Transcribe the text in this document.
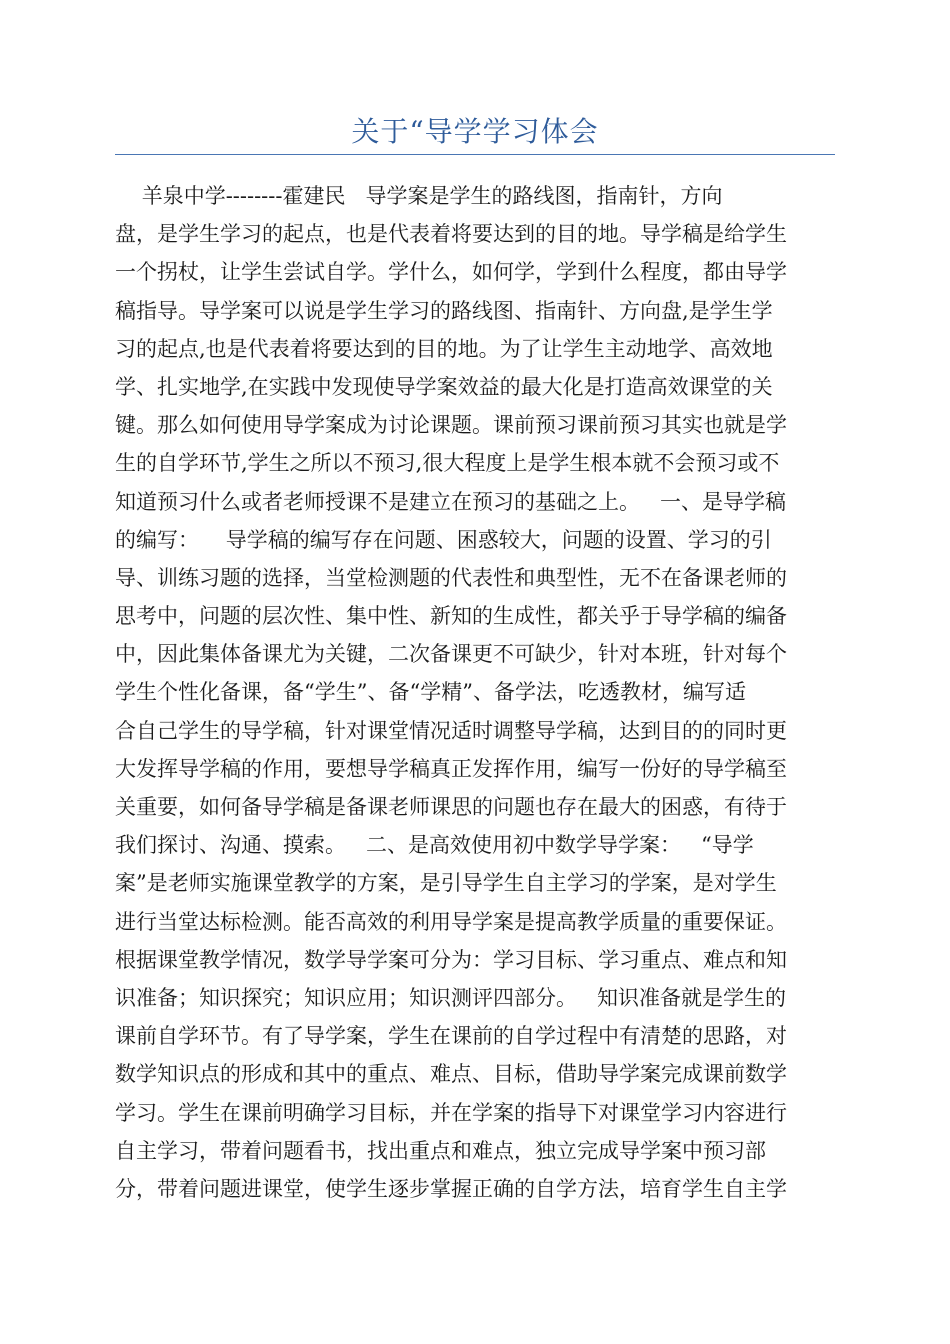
关于“导学学习体会
羊泉中学--------霍建民   导学案是学生的路线图，指南针，方向
盘，是学生学习的起点，也是代表着将要达到的目的地。导学稿是给学生
一个拐杖，让学生尝试自学。学什么，如何学，学到什么程度，都由导学
稿指导。导学案可以说是学生学习的路线图、指南针、方向盘,是学生学
习的起点,也是代表着将要达到的目的地。为了让学生主动地学、高效地
学、扎实地学,在实践中发现使导学案效益的最大化是打造高效课堂的关
键。那么如何使用导学案成为讨论课题。课前预习课前预习其实也就是学
生的自学环节,学生之所以不预习,很大程度上是学生根本就不会预习或不
知道预习什么或者老师授课不是建立在预习的基础之上。   一、是导学稿
的编写：    导学稿的编写存在问题、困惑较大，问题的设置、学习的引
导、训练习题的选择，当堂检测题的代表性和典型性，无不在备课老师的
思考中，问题的层次性、集中性、新知的生成性，都关乎于导学稿的编备
中，因此集体备课尤为关键，二次备课更不可缺少，针对本班，针对每个
学生个性化备课，备“学生”、备“学精”、备学法，吃透教材，编写适
合自己学生的导学稿，针对课堂情况适时调整导学稿，达到目的的同时更
大发挥导学稿的作用，要想导学稿真正发挥作用，编写一份好的导学稿至
关重要，如何备导学稿是备课老师课思的问题也存在最大的困惑，有待于
我们探讨、沟通、摸索。   二、是高效使用初中数学导学案：   “导学
案”是老师实施课堂教学的方案，是引导学生自主学习的学案，是对学生
进行当堂达标检测。能否高效的利用导学案是提高教学质量的重要保证。
根据课堂教学情况，数学导学案可分为：学习目标、学习重点、难点和知
识准备；知识探究；知识应用；知识测评四部分。   知识准备就是学生的
课前自学环节。有了导学案，学生在课前的自学过程中有清楚的思路，对
数学知识点的形成和其中的重点、难点、目标，借助导学案完成课前数学
学习。学生在课前明确学习目标，并在学案的指导下对课堂学习内容进行
自主学习，带着问题看书，找出重点和难点，独立完成导学案中预习部
分，带着问题进课堂，使学生逐步掌握正确的自学方法，培育学生自主学
